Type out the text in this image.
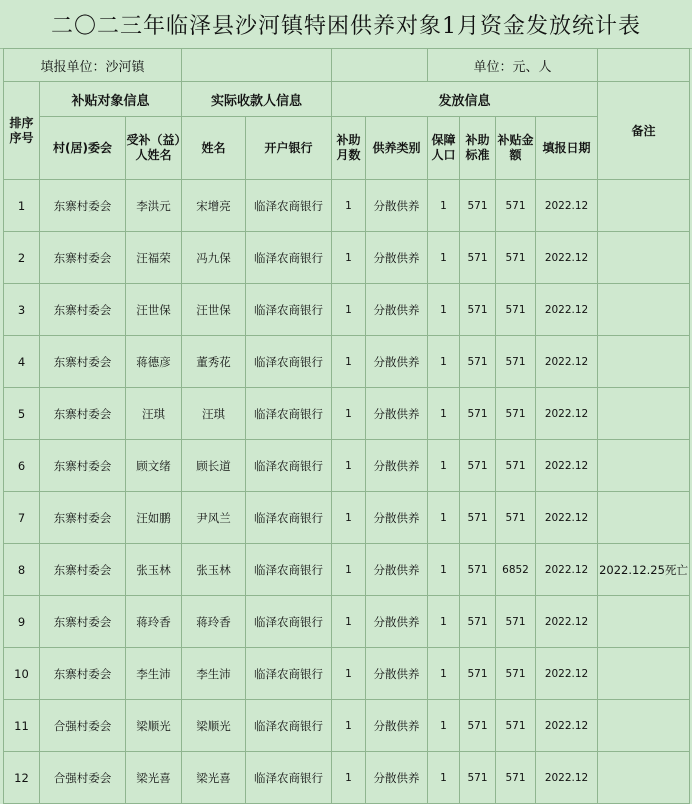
二〇二三年临泽县沙河镇特困供养对象1月资金发放统计表
填报单位：沙河镇							单位：元、人				
排序序号	补贴对象信息		实际收款人信息		发放信息						备注
	村(居)委会	受补（益）人姓名	姓名	开户银行	补助月数	供养类别	保障人口	补助标准	补贴金额	填报日期	
1	东寨村委会	李洪元	宋增亮	临泽农商银行	1	分散供养	1	571	571	2022.12	
2	东寨村委会	汪福荣	冯九保	临泽农商银行	1	分散供养	1	571	571	2022.12	
3	东寨村委会	汪世保	汪世保	临泽农商银行	1	分散供养	1	571	571	2022.12	
4	东寨村委会	蒋德彦	董秀花	临泽农商银行	1	分散供养	1	571	571	2022.12	
5	东寨村委会	汪琪	汪琪	临泽农商银行	1	分散供养	1	571	571	2022.12	
6	东寨村委会	顾文绪	顾长道	临泽农商银行	1	分散供养	1	571	571	2022.12	
7	东寨村委会	汪如鹏	尹风兰	临泽农商银行	1	分散供养	1	571	571	2022.12	
8	东寨村委会	张玉林	张玉林	临泽农商银行	1	分散供养	1	571	6852	2022.12	2022.12.25死亡
9	东寨村委会	蒋玲香	蒋玲香	临泽农商银行	1	分散供养	1	571	571	2022.12	
10	东寨村委会	李生沛	李生沛	临泽农商银行	1	分散供养	1	571	571	2022.12	
11	合强村委会	梁顺光	梁顺光	临泽农商银行	1	分散供养	1	571	571	2022.12	
12	合强村委会	梁光喜	梁光喜	临泽农商银行	1	分散供养	1	571	571	2022.12	
